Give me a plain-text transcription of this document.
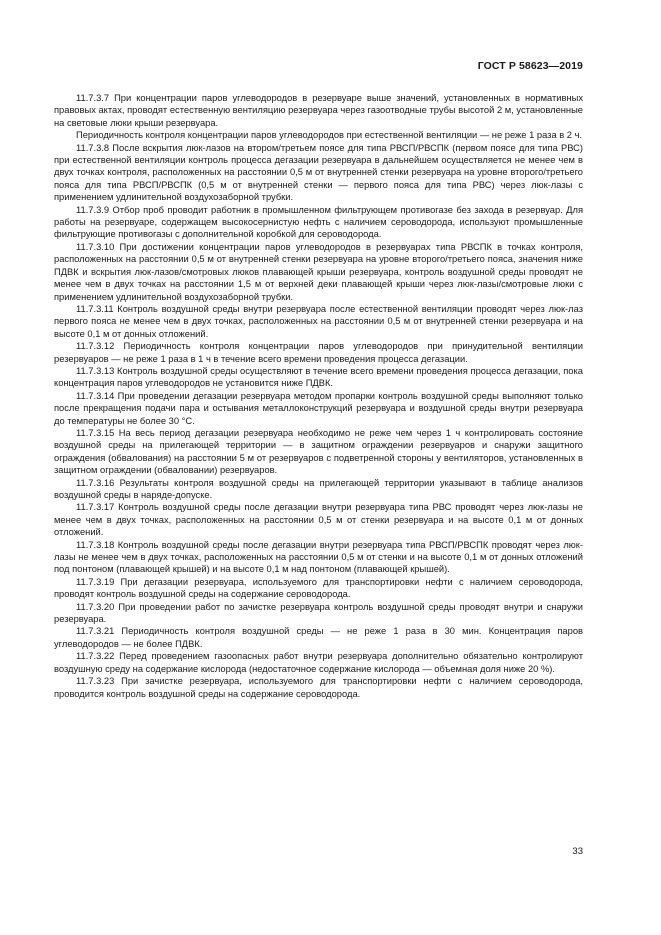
ГОСТ Р 58623—2019

11.7.3.7 При концентрации паров углеводородов в резервуаре выше значений, установленных в нормативных правовых актах, проводят естественную вентиляцию резервуара через газоотводные трубы высотой 2 м, установленные на световые люки крыши резервуара.

Периодичность контроля концентрации паров углеводородов при естественной вентиляции — не реже 1 раза в 2 ч.

11.7.3.8 После вскрытия люк-лазов на втором/третьем поясе для типа РВСП/РВСПК (первом поясе для типа РВС) при естественной вентиляции контроль процесса дегазации резервуара в дальнейшем осуществляется не менее чем в двух точках контроля, расположенных на расстоянии 0,5 м от внутренней стенки резервуара на уровне второго/третьего пояса для типа РВСП/РВСПК (0,5 м от внутренней стенки — первого пояса для типа РВС) через люк-лазы с применением удлинительной воздухозаборной трубки.

11.7.3.9 Отбор проб проводит работник в промышленном фильтрующем противогазе без захода в резервуар. Для работы на резервуаре, содержащем высокосернистую нефть с наличием сероводорода, используют промышленные фильтрующие противогазы с дополнительной коробкой для сероводорода.

11.7.3.10 При достижении концентрации паров углеводородов в резервуарах типа РВСПК в точках контроля, расположенных на расстоянии 0,5 м от внутренней стенки резервуара на уровне второго/третьего пояса, значения ниже ПДВК и вскрытия люк-лазов/смотровых люков плавающей крыши резервуара, контроль воздушной среды проводят не менее чем в двух точках на расстоянии 1,5 м от верхней деки плавающей крыши через люк-лазы/смотровые люки с применением удлинительной воздухозаборной трубки.

11.7.3.11 Контроль воздушной среды внутри резервуара после естественной вентиляции проводят через люк-лаз первого пояса не менее чем в двух точках, расположенных на расстоянии 0,5 м от внутренней стенки резервуара и на высоте 0,1 м от донных отложений.

11.7.3.12 Периодичность контроля концентрации паров углеводородов при принудительной вентиляции резервуаров — не реже 1 раза в 1 ч в течение всего времени проведения процесса дегазации.

11.7.3.13 Контроль воздушной среды осуществляют в течение всего времени проведения процесса дегазации, пока концентрация паров углеводородов не установится ниже ПДВК.

11.7.3.14 При проведении дегазации резервуара методом пропарки контроль воздушной среды выполняют только после прекращения подачи пара и остывания металлоконструкций резервуара и воздушной среды внутри резервуара до температуры не более 30 °C.

11.7.3.15 На весь период дегазации резервуара необходимо не реже чем через 1 ч контролировать состояние воздушной среды на прилегающей территории — в защитном ограждении резервуаров и снаружи защитного ограждения (обвалования) на расстоянии 5 м от резервуаров с подветренной стороны у вентиляторов, установленных в защитном ограждении (обваловании) резервуаров.

11.7.3.16 Результаты контроля воздушной среды на прилегающей территории указывают в таблице анализов воздушной среды в наряде-допуске.

11.7.3.17 Контроль воздушной среды после дегазации внутри резервуара типа РВС проводят через люк-лазы не менее чем в двух точках, расположенных на расстоянии 0,5 м от стенки резервуара и на высоте 0,1 м от донных отложений.

11.7.3.18 Контроль воздушной среды после дегазации внутри резервуара типа РВСП/РВСПК проводят через люк-лазы не менее чем в двух точках, расположенных на расстоянии 0,5 м от стенки и на высоте 0,1 м от донных отложений под понтоном (плавающей крышей) и на высоте 0,1 м над понтоном (плавающей крышей).

11.7.3.19 При дегазации резервуара, используемого для транспортировки нефти с наличием сероводорода, проводят контроль воздушной среды на содержание сероводорода.

11.7.3.20 При проведении работ по зачистке резервуара контроль воздушной среды проводят внутри и снаружи резервуара.

11.7.3.21 Периодичность контроля воздушной среды — не реже 1 раза в 30 мин. Концентрация паров углеводородов — не более ПДВК.

11.7.3.22 Перед проведением газоопасных работ внутри резервуара дополнительно обязательно контролируют воздушную среду на содержание кислорода (недостаточное содержание кислорода — объемная доля ниже 20 %).

11.7.3.23 При зачистке резервуара, используемого для транспортировки нефти с наличием сероводорода, проводится контроль воздушной среды на содержание сероводорода.

33
